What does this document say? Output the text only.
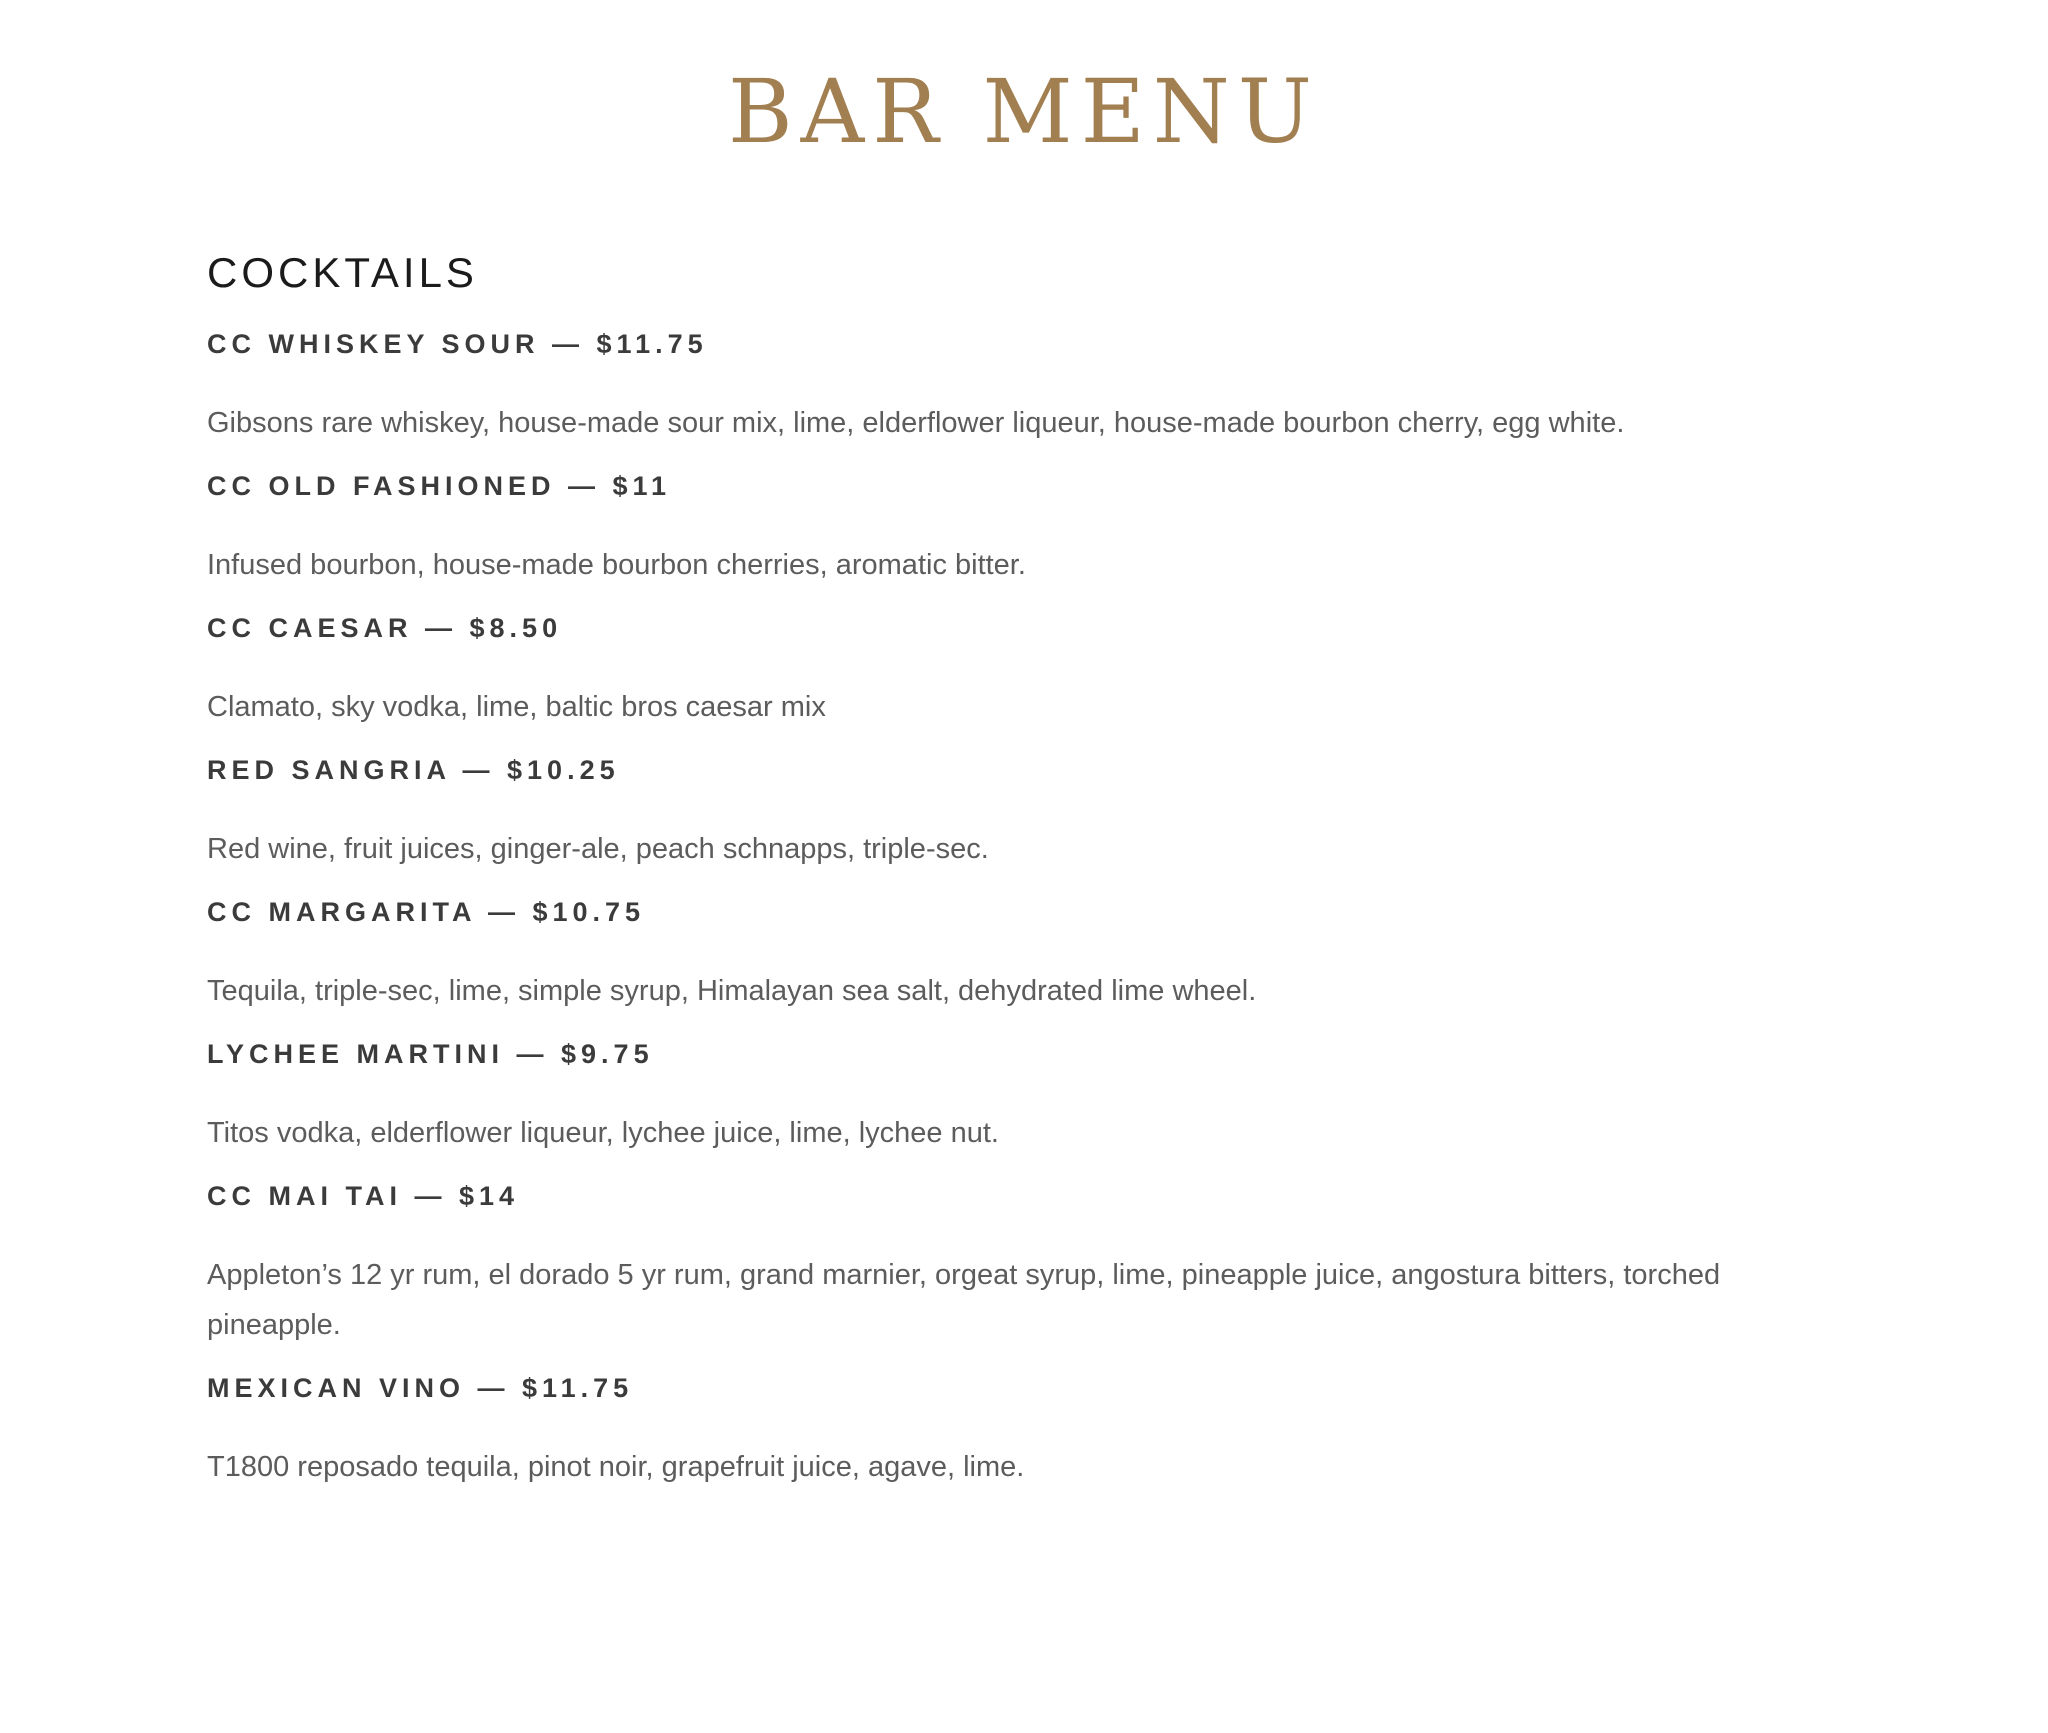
BAR MENU
COCKTAILS
CC WHISKEY SOUR — $11.75
Gibsons rare whiskey, house-made sour mix, lime, elderflower liqueur, house-made bourbon cherry, egg white.
CC OLD FASHIONED — $11
Infused bourbon, house-made bourbon cherries, aromatic bitter.
CC CAESAR — $8.50
Clamato, sky vodka, lime, baltic bros caesar mix
RED SANGRIA — $10.25
Red wine, fruit juices, ginger-ale, peach schnapps, triple-sec.
CC MARGARITA — $10.75
Tequila, triple-sec, lime, simple syrup, Himalayan sea salt, dehydrated lime wheel.
LYCHEE MARTINI — $9.75
Titos vodka, elderflower liqueur, lychee juice, lime, lychee nut.
CC MAI TAI — $14
Appleton’s 12 yr rum, el dorado 5 yr rum, grand marnier, orgeat syrup, lime, pineapple juice, angostura bitters, torched pineapple.
MEXICAN VINO — $11.75
T1800 reposado tequila, pinot noir, grapefruit juice, agave, lime.
